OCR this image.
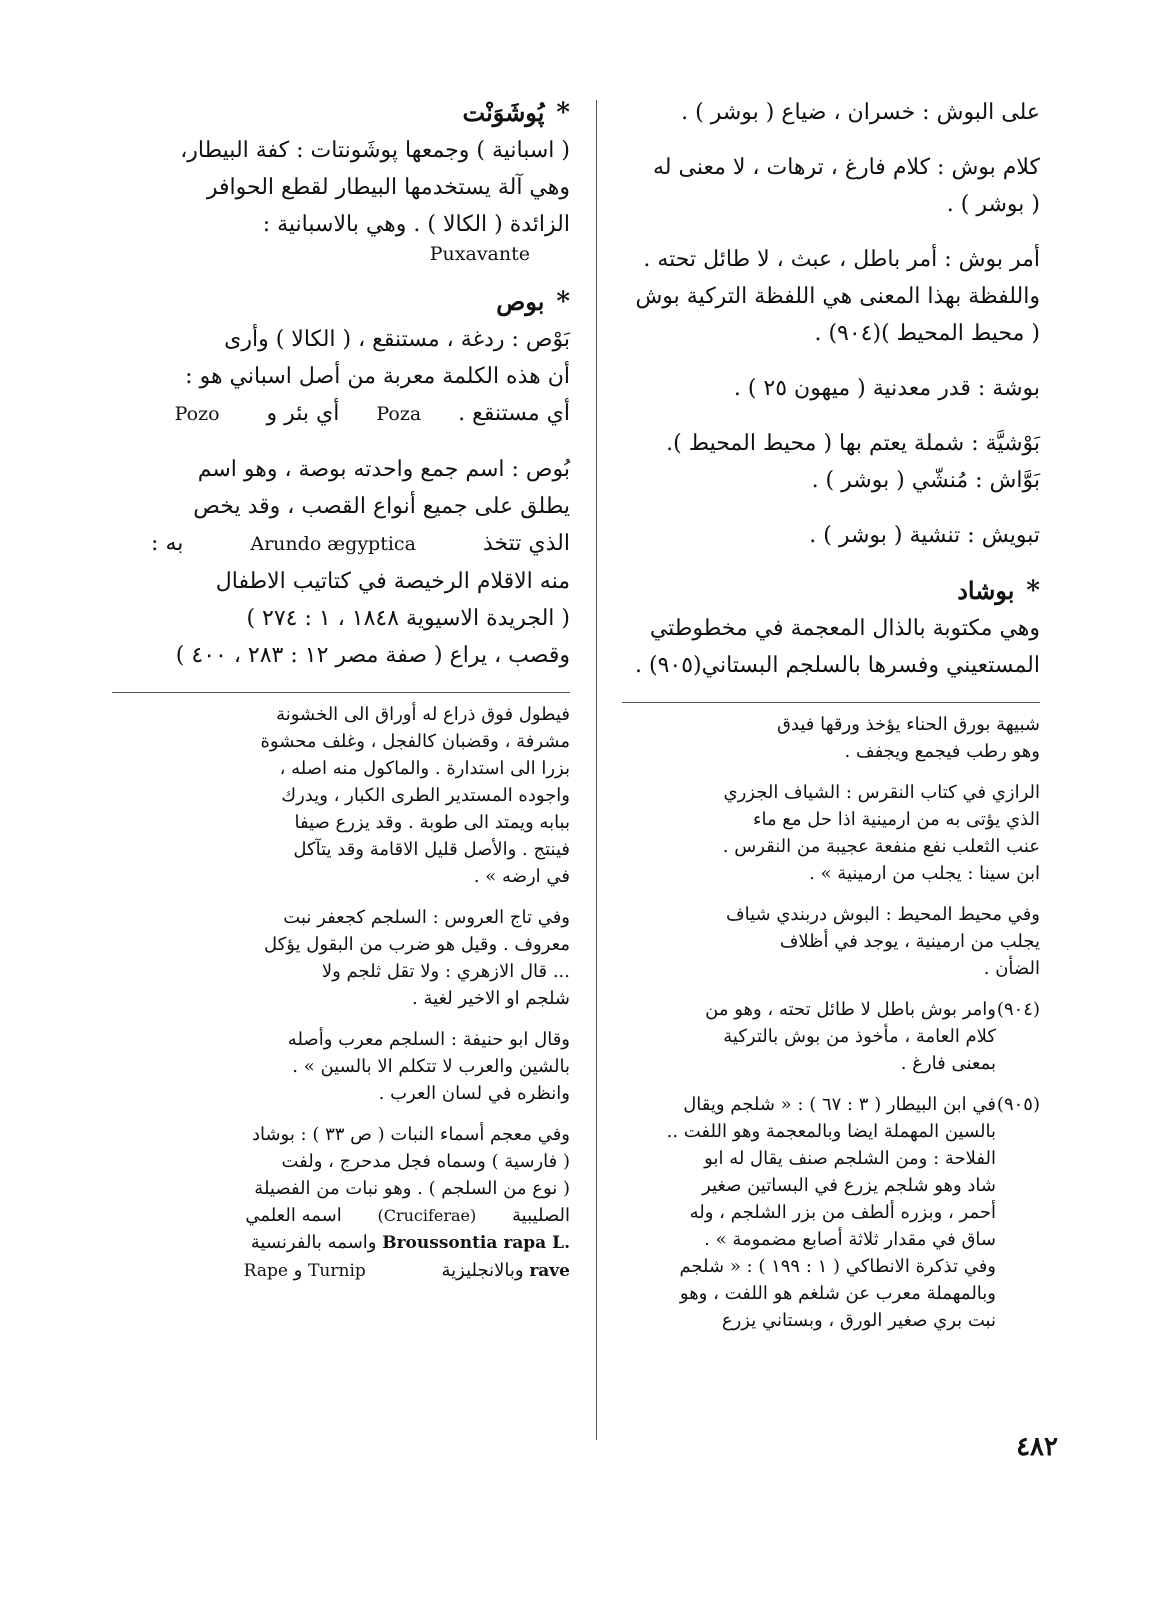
على البوش : خسران ، ضياع ( بوشر ) .
كلام بوش : كلام فارغ ، ترهات ، لا معنى له
( بوشر ) .
أمر بوش : أمر باطل ، عبث ، لا طائل تحته .
واللفظة بهذا المعنى هي اللفظة التركية بوش
( محيط المحيط )(٩٠٤) .
بوشة : قدر معدنية ( ميهون ٢٥ ) .
بَوْشيَّة : شملة يعتم بها ( محيط المحيط ).
بَوَّاش : مُنشّي ( بوشر ) .
تبويش : تنشية ( بوشر ) .
*بوشاد
وهي مكتوبة بالذال المعجمة في مخطوطتي
المستعيني وفسرها بالسلجم البستاني(٩٠٥) .
شبيهة بورق الحناء يؤخذ ورقها فيدق
وهو رطب فيجمع ويجفف .
الرازي في كتاب النقرس : الشياف الجزري
الذي يؤتى به من ارمينية اذا حل مع ماء
عنب الثعلب نفع منفعة عجيبة من النقرس .
ابن سينا : يجلب من ارمينية » .
وفي محيط المحيط : البوش دربندي شياف
يجلب من ارمينية ، يوجد في أظلاف
الضأن .
(٩٠٤)وامر بوش باطل لا طائل تحته ، وهو من
كلام العامة ، مأخوذ من بوش بالتركية
بمعنى فارغ .
(٩٠٥)في ابن البيطار ( ٣ : ٦٧ ) : « شلجم ويقال
بالسين المهملة ايضا وبالمعجمة وهو اللفت ..
الفلاحة : ومن الشلجم صنف يقال له ابو
شاد وهو شلجم يزرع في البساتين صغير
أحمر ، وبزره ألطف من بزر الشلجم ، وله
ساق في مقدار ثلاثة أصابع مضمومة » .
وفي تذكرة الانطاكي ( ١ : ١٩٩ ) : « شلجم
وبالمهملة معرب عن شلغم هو اللفت ، وهو
نبت بري صغير الورق ، وبستاني يزرع
*پُوشَوَنْت
( اسبانية ) وجمعها پوشَونتات : كفة البيطار،
وهي آلة يستخدمها البيطار لقطع الحوافر
الزائدة ( الكالا ) . وهي بالاسبانية :
Puxavante
*بوص
بَوْص : ردغة ، مستنقع ، ( الكالا ) وأرى
أن هذه الكلمة معربة من أصل اسباني هو :
أي مستنقع . Poza أي بئر و Pozo
بُوص : اسم جمع واحدته بوصة ، وهو اسم
يطلق على جميع أنواع القصب ، وقد يخص
الذي تتخذ Arundo ægyptica به :
منه الاقلام الرخيصة في كتاتيب الاطفال
( الجريدة الاسيوية ١٨٤٨ ، ١ : ٢٧٤ )
وقصب ، يراع ( صفة مصر ١٢ : ٢٨٣ ، ٤٠٠ )
فيطول فوق ذراع له أوراق الى الخشونة
مشرفة ، وقضبان كالفجل ، وغلف محشوة
بزرا الى استدارة . والماكول منه اصله ،
واجوده المستدير الطرى الكبار ، ويدرك
ببابه ويمتد الى طوبة . وقد يزرع صيفا
فينتج . والأصل قليل الاقامة وقد يتآكل
في ارضه » .
وفي تاج العروس : السلجم كجعفر نبت
معروف . وقيل هو ضرب من البقول يؤكل
... قال الازهري : ولا تقل ثلجم ولا
شلجم او الاخير لغية .
وقال ابو حنيفة : السلجم معرب وأصله
بالشين والعرب لا تتكلم الا بالسين » .
وانظره في لسان العرب .
وفي معجم أسماء النبات ( ص ٣٣ ) : بوشاد
( فارسية ) وسماه فجل مدحرج ، ولفت
( نوع من السلجم ) . وهو نبات من الفصيلة
الصليبية (Cruciferae) اسمه العلمي
Broussontia rapa L. واسمه بالفرنسية
rave وبالانجليزية Turnip و Rape
٤٨٢
